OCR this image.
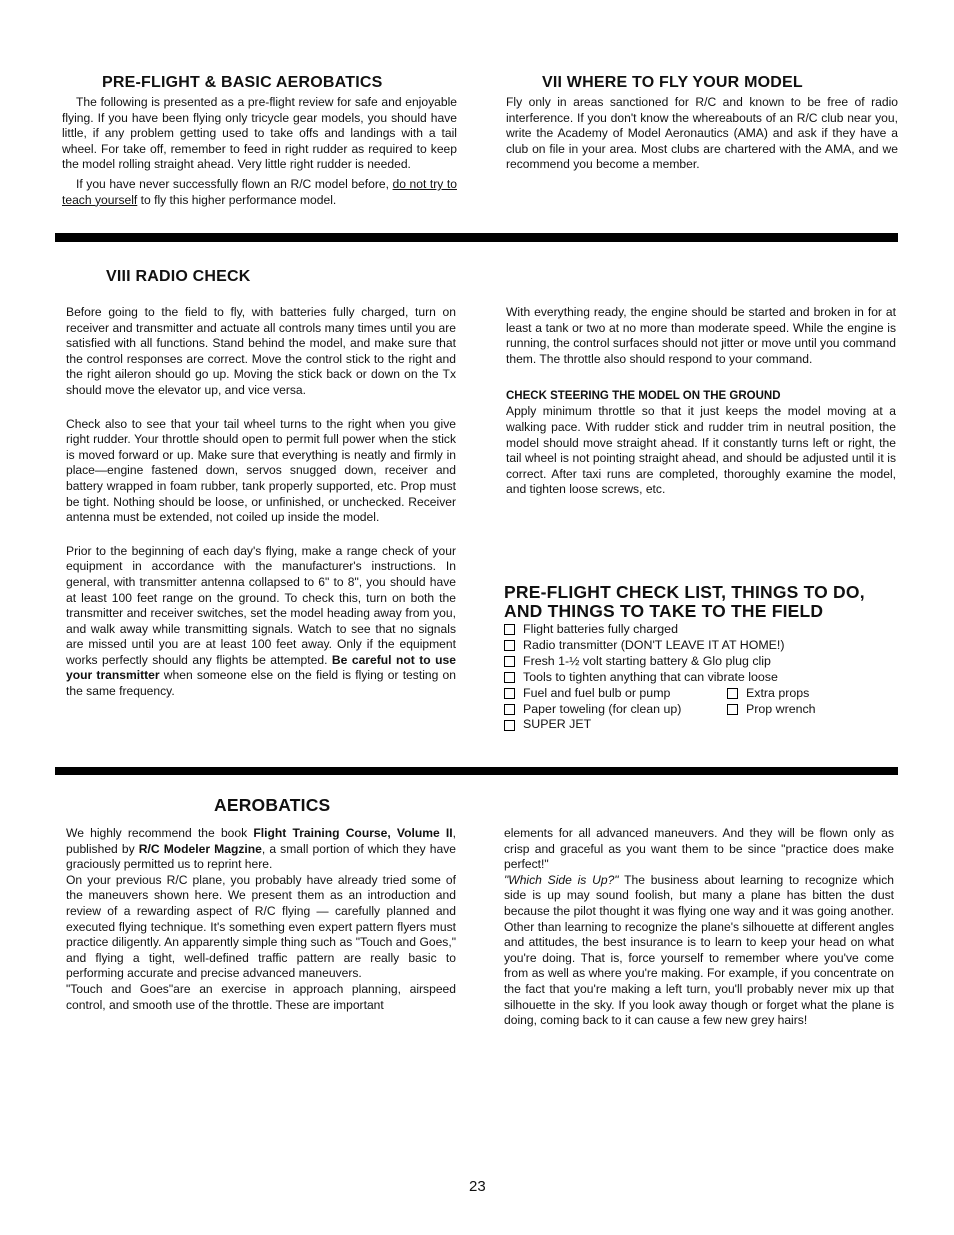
PRE-FLIGHT & BASIC AEROBATICS

The following is presented as a pre-flight review for safe and enjoyable flying. If you have been flying only tricycle gear models, you should have little, if any problem getting used to take offs and landings with a tail wheel. For take off, remember to feed in right rudder as required to keep the model rolling straight ahead. Very little right rudder is needed.

If you have never successfully flown an R/C model before, do not try to teach yourself to fly this higher performance model.

VII WHERE TO FLY YOUR MODEL

Fly only in areas sanctioned for R/C and known to be free of radio interference. If you don't know the whereabouts of an R/C club near you, write the Academy of Model Aeronautics (AMA) and ask if they have a club on file in your area. Most clubs are chartered with the AMA, and we recommend you become a member.

VIII RADIO CHECK

Before going to the field to fly, with batteries fully charged, turn on receiver and transmitter and actuate all controls many times until you are satisfied with all functions. Stand behind the model, and make sure that the control responses are correct. Move the control stick to the right and the right aileron should go up. Moving the stick back or down on the Tx should move the elevator up, and vice versa.

Check also to see that your tail wheel turns to the right when you give right rudder. Your throttle should open to permit full power when the stick is moved forward or up. Make sure that everything is neatly and firmly in place—engine fastened down, servos snugged down, receiver and battery wrapped in foam rubber, tank properly supported, etc. Prop must be tight. Nothing should be loose, or unfinished, or unchecked. Receiver antenna must be extended, not coiled up inside the model.

Prior to the beginning of each day's flying, make a range check of your equipment in accordance with the manufacturer's instructions. In general, with transmitter antenna collapsed to 6" to 8", you should have at least 100 feet range on the ground. To check this, turn on both the transmitter and receiver switches, set the model heading away from you, and walk away while transmitting signals. Watch to see that no signals are missed until you are at least 100 feet away. Only if the equipment works perfectly should any flights be attempted. Be careful not to use your transmitter when someone else on the field is flying or testing on the same frequency.

With everything ready, the engine should be started and broken in for at least a tank or two at no more than moderate speed. While the engine is running, the control surfaces should not jitter or move until you command them. The throttle also should respond to your command.

CHECK STEERING THE MODEL ON THE GROUND

Apply minimum throttle so that it just keeps the model moving at a walking pace. With rudder stick and rudder trim in neutral position, the model should move straight ahead. If it constantly turns left or right, the tail wheel is not pointing straight ahead, and should be adjusted until it is correct. After taxi runs are completed, thoroughly examine the model, and tighten loose screws, etc.

PRE-FLIGHT CHECK LIST, THINGS TO DO,
AND THINGS TO TAKE TO THE FIELD
Flight batteries fully charged
Radio transmitter (DON'T LEAVE IT AT HOME!)
Fresh 1-½ volt starting battery & Glo plug clip
Tools to tighten anything that can vibrate loose
Fuel and fuel bulb or pump	Extra props
Paper toweling (for clean up)	Prop wrench
SUPER JET
AEROBATICS

We highly recommend the book Flight Training Course, Volume II, published by R/C Modeler Magzine, a small portion of which they have graciously permitted us to reprint here.

On your previous R/C plane, you probably have already tried some of the maneuvers shown here. We present them as an introduction and review of a rewarding aspect of R/C flying — carefully planned and executed flying technique. It's something even expert pattern flyers must practice diligently. An apparently simple thing such as "Touch and Goes," and flying a tight, well-defined traffic pattern are really basic to performing accurate and precise advanced maneuvers.

"Touch and Goes"are an exercise in approach planning, airspeed control, and smooth use of the throttle. These are important

elements for all advanced maneuvers. And they will be flown only as crisp and graceful as you want them to be since "practice does make perfect!"

"Which Side is Up?" The business about learning to recognize which side is up may sound foolish, but many a plane has bitten the dust because the pilot thought it was flying one way and it was going another. Other than learning to recognize the plane's silhouette at different angles and attitudes, the best insurance is to learn to keep your head on what you're doing. That is, force yourself to remember where you've come from as well as where you're making. For example, if you concentrate on the fact that you're making a left turn, you'll probably never mix up that silhouette in the sky. If you look away though or forget what the plane is doing, coming back to it can cause a few new grey hairs!

23
